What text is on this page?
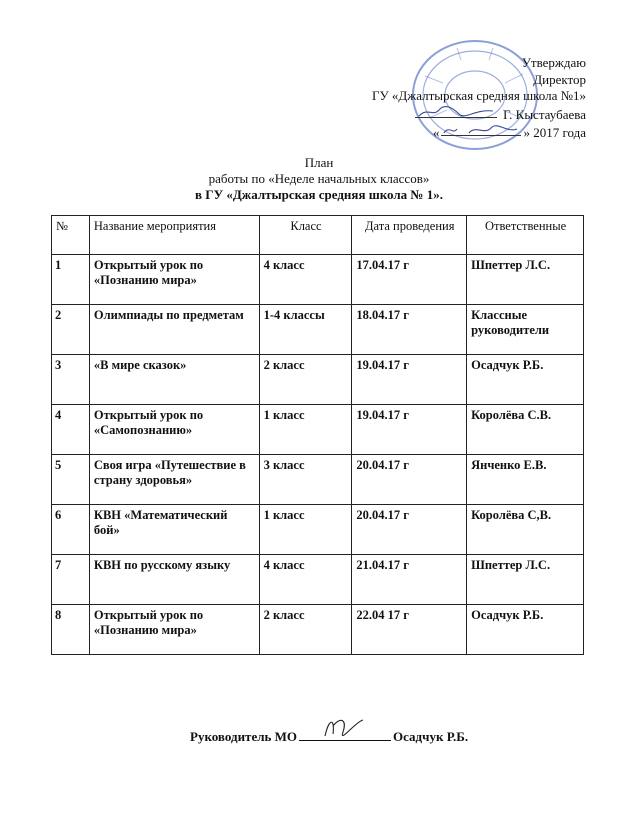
Утверждаю
Директор
ГУ «Джалтырская средняя школа №1»
Г. Кыстаубаева
«	» 2017 года
План
работы по «Неделе начальных классов»
в ГУ «Джалтырская средняя школа № 1».
№	Название мероприятия	Класс	Дата проведения	Ответственные
1	Открытый урок по «Познанию мира»	4 класс	17.04.17 г	Шпеттер Л.С.
2	Олимпиады по предметам	1-4 классы	18.04.17 г	Классные руководители
3	«В мире сказок»	2 класс	19.04.17 г	Осадчук Р.Б.
4	Открытый урок по «Самопознанию»	1 класс	19.04.17 г	Королёва С.В.
5	Своя игра «Путешествие в страну здоровья»	3 класс	20.04.17 г	Янченко Е.В.
6	КВН «Математический бой»	1 класс	20.04.17 г	Королёва С,В.
7	КВН по русскому языку	4 класс	21.04.17 г	Шпеттер Л.С.
8	Открытый урок по «Познанию мира»	2 класс	22.04 17 г	Осадчук Р.Б.
Руководитель МО	Осадчук Р.Б.
